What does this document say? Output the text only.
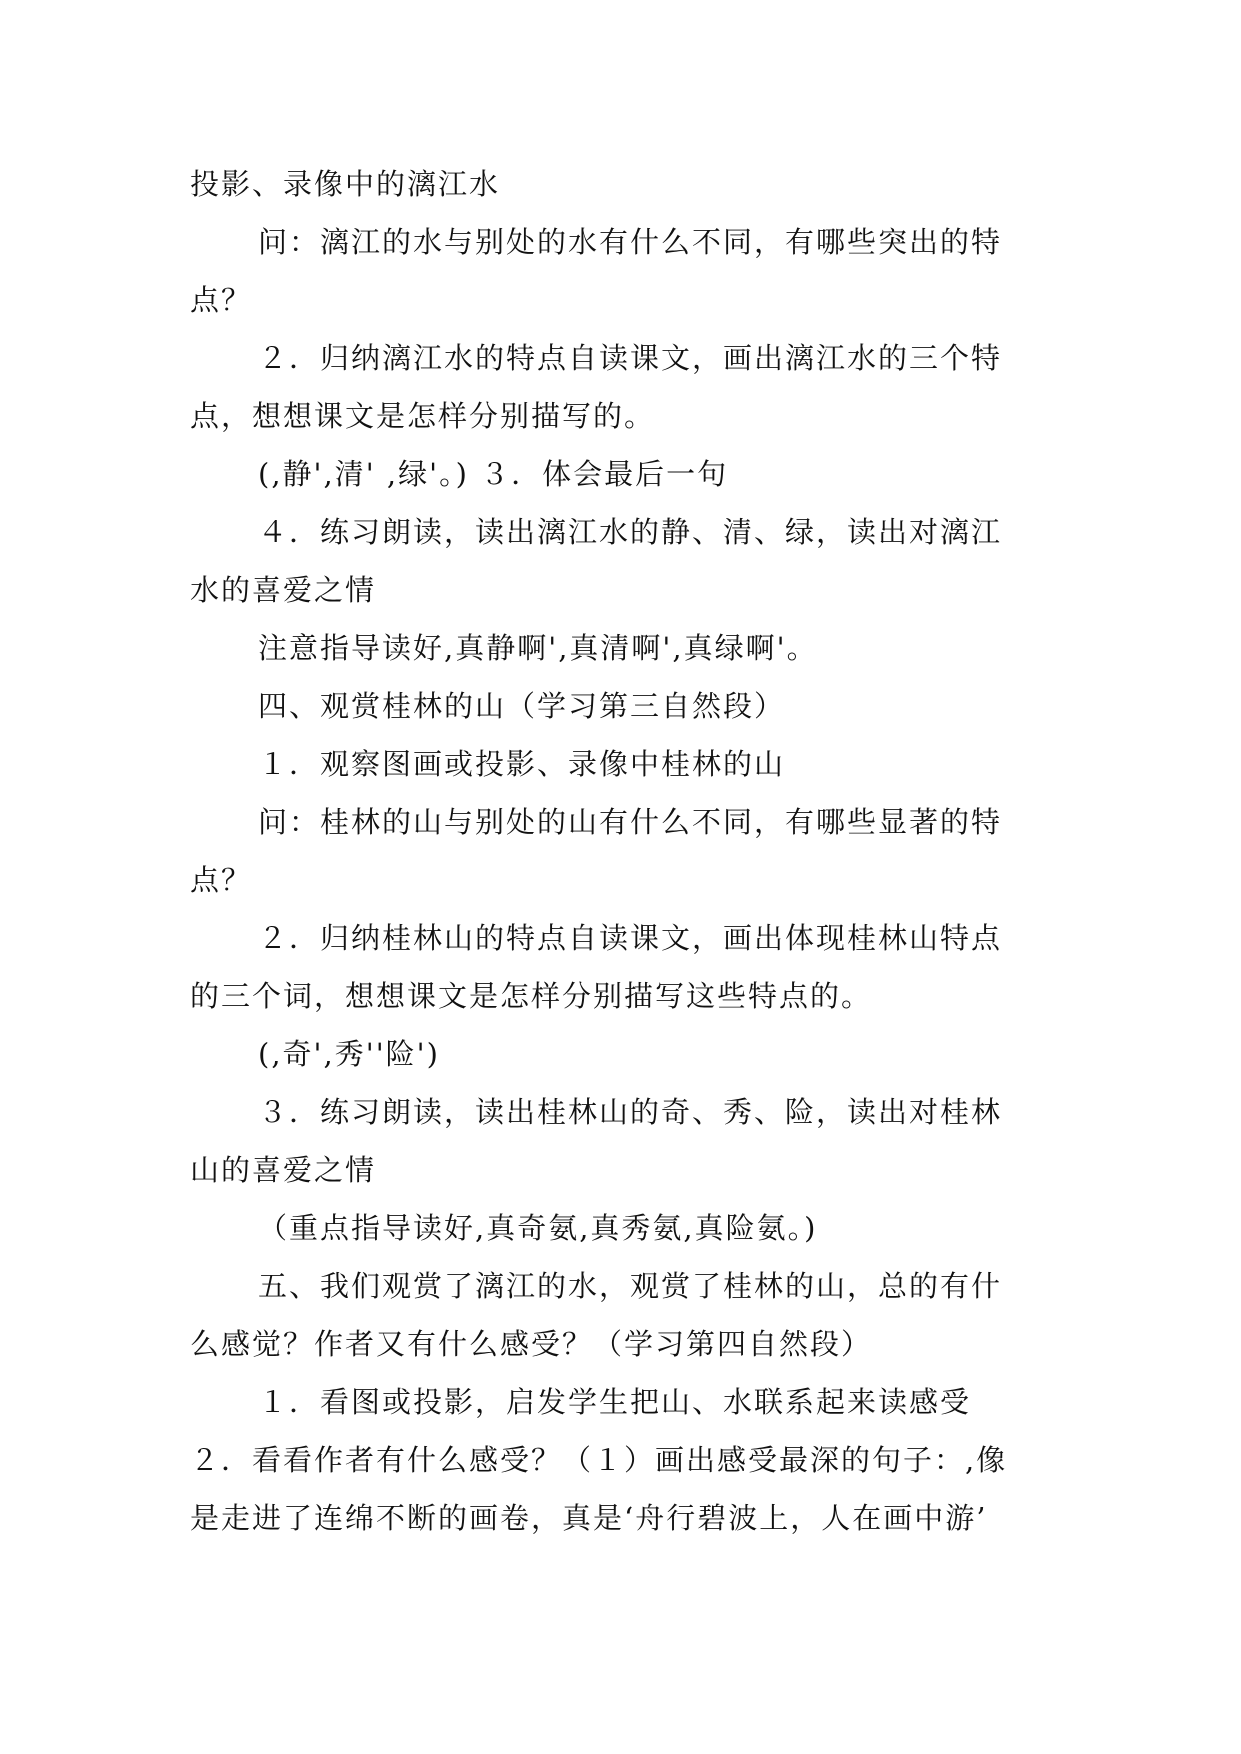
投影、录像中的漓江水
问：漓江的水与别处的水有什么不同，有哪些突出的特
点？
２．归纳漓江水的特点自读课文，画出漓江水的三个特
点，想想课文是怎样分别描写的。
(,静',清' ,绿'。) ３．体会最后一句
４．练习朗读，读出漓江水的静、清、绿，读出对漓江
水的喜爱之情
注意指导读好,真静啊',真清啊',真绿啊'。
四、观赏桂林的山（学习第三自然段）
１．观察图画或投影、录像中桂林的山
问：桂林的山与别处的山有什么不同，有哪些显著的特
点？
２．归纳桂林山的特点自读课文，画出体现桂林山特点
的三个词，想想课文是怎样分别描写这些特点的。
(,奇',秀''险')
３．练习朗读，读出桂林山的奇、秀、险，读出对桂林
山的喜爱之情
（重点指导读好,真奇氨,真秀氨,真险氨。)
五、我们观赏了漓江的水，观赏了桂林的山，总的有什
么感觉？作者又有什么感受？（学习第四自然段）
１．看图或投影，启发学生把山、水联系起来读感受
２．看看作者有什么感受？（１）画出感受最深的句子：,像
是走进了连绵不断的画卷，真是‘舟行碧波上，人在画中游’
